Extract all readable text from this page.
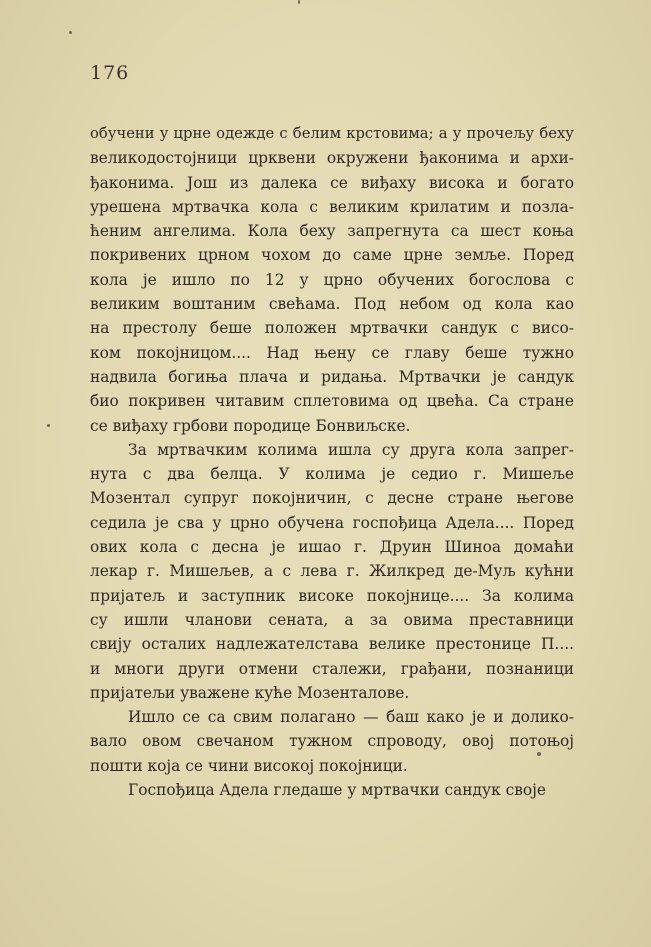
176
обучени у црне одежде с белим крстовима; а у прочељу беху
великодостојници црквени окружени ђаконима и архи-
ђаконима. Још из далека се виђаху висока и богато
урешена мртвачка кола с великим крилатим и позла-
ћеним ангелима. Кола беху запрегнута са шест коња
покривених црном чохом до саме црне земље. Поред
кола је ишло по 12 у црно обучених богослова с
великим воштаним свећама. Под небом од кола као
на престолу беше положен мртвачки сандук с висо-
ком покојницом.... Над њену се главу беше тужно
надвила богиња плача и ридања. Мртвачки је сандук
био покривен читавим сплетовима од цвећа. Са стране
се виђаху грбови породице Бонвиљске.
За мртвачким колима ишла су друга кола запрег-
нута с два белца. У колима је седио г. Мишеље
Мозентал супруг покојничин, с десне стране његове
седила је сва у црно обучена госпођица Адела.... Поред
ових кола с десна је ишао г. Друин Шиноа домаћи
лекар г. Мишељев, а с лева г. Жилкред де-Муљ кућни
пријатељ и заступник високе покојнице.... За колима
су ишли чланови сената, а за овима преставници
свију осталих надлежателстава велике престонице П....
и многи други отмени сталежи, грађани, познаници
пријатељи уважене куће Мозенталове.
Ишло се са свим полагано — баш како је и долико-
вало овом свечаном тужном спроводу, овој потоњој
пошти која се чини високој покојници.
Госпођица Адела гледаше у мртвачки сандук своје
